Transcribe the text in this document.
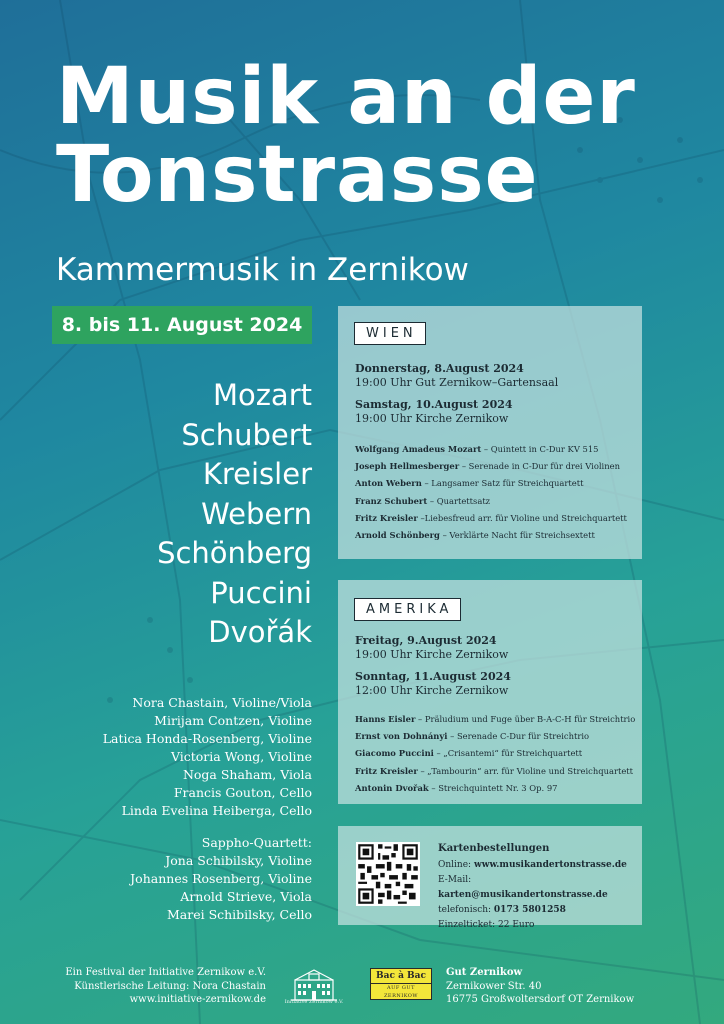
Musik an der
Tonstrasse
Kammermusik in Zernikow
8. bis 11. August 2024
Mozart
Schubert
Kreisler
Webern
Schönberg
Puccini
Dvořák
Nora Chastain, Violine/Viola
Mirijam Contzen, Violine
Latica Honda-Rosenberg, Violine
Victoria Wong, Violine
Noga Shaham, Viola
Francis Gouton, Cello
Linda Evelina Heiberga, Cello
Sappho-Quartett:
Jona Schibilsky, Violine
Johannes Rosenberg, Violine
Arnold Strieve, Viola
Marei Schibilsky, Cello
WIEN
Donnerstag, 8.August 2024
19:00 Uhr Gut Zernikow–Gartensaal
Samstag, 10.August 2024
19:00 Uhr Kirche Zernikow
Wolfgang Amadeus Mozart – Quintett in C-Dur KV 515
Joseph Hellmesberger – Serenade in C-Dur für drei Violinen
Anton Webern – Langsamer Satz für Streichquartett
Franz Schubert – Quartettsatz
Fritz Kreisler –Liebesfreud arr. für Violine und Streichquartett
Arnold Schönberg – Verklärte Nacht für Streichsextett
AMERIKA
Freitag, 9.August 2024
19:00 Uhr Kirche Zernikow
Sonntag, 11.August 2024
12:00 Uhr Kirche Zernikow
Hanns Eisler – Präludium und Fuge über B-A-C-H für Streichtrio
Ernst von Dohnányi – Serenade C-Dur für Streichtrio
Giacomo Puccini – „Crisantemi“ für Streichquartett
Fritz Kreisler – „Tambourin“ arr. für Violine und Streichquartett
Antonin Dvořak – Streichquintett Nr. 3 Op. 97
Kartenbestellungen
Online: www.musikandertonstrasse.de
E-Mail: karten@musikandertonstrasse.de
telefonisch: 0173 5801258
Einzelticket: 22 Euro
Ein Festival der Initiative Zernikow e.V.
Künstlerische Leitung: Nora Chastain
www.initiative-zernikow.de	Initiative Zernikow e.V.
Bac à Bac
AUF GUT ZERNIKOW
Gut Zernikow
Zernikower Str. 40
16775 Großwoltersdorf OT Zernikow
